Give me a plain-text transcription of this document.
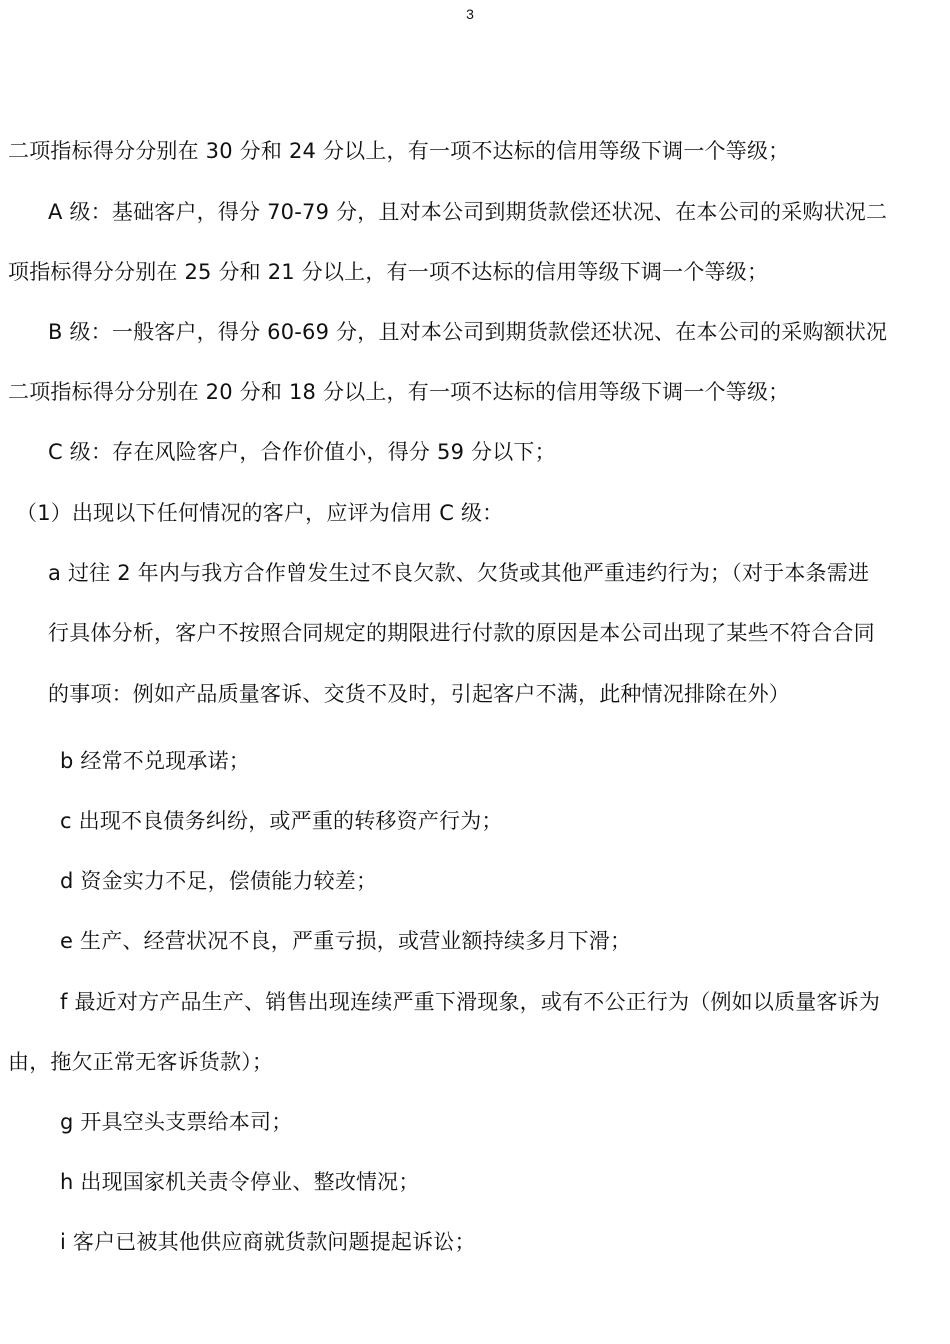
3
二项指标得分分别在 30 分和 24 分以上，有一项不达标的信用等级下调一个等级；
A 级：基础客户，得分 70-79 分，且对本公司到期货款偿还状况、在本公司的采购状况二
项指标得分分别在 25 分和 21 分以上，有一项不达标的信用等级下调一个等级；
B 级：一般客户，得分 60-69 分，且对本公司到期货款偿还状况、在本公司的采购额状况
二项指标得分分别在 20 分和 18 分以上，有一项不达标的信用等级下调一个等级；
C 级：存在风险客户，合作价值小，得分 59 分以下；
（1）出现以下任何情况的客户，应评为信用 C 级：
a 过往 2 年内与我方合作曾发生过不良欠款、欠货或其他严重违约行为；（对于本条需进
行具体分析，客户不按照合同规定的期限进行付款的原因是本公司出现了某些不符合合同
的事项：例如产品质量客诉、交货不及时，引起客户不满，此种情况排除在外）
b 经常不兑现承诺；
c 出现不良债务纠纷，或严重的转移资产行为；
d 资金实力不足，偿债能力较差；
e 生产、经营状况不良，严重亏损，或营业额持续多月下滑；
f 最近对方产品生产、销售出现连续严重下滑现象，或有不公正行为（例如以质量客诉为
由，拖欠正常无客诉货款）；
g 开具空头支票给本司；
h 出现国家机关责令停业、整改情况；
i 客户已被其他供应商就货款问题提起诉讼；
